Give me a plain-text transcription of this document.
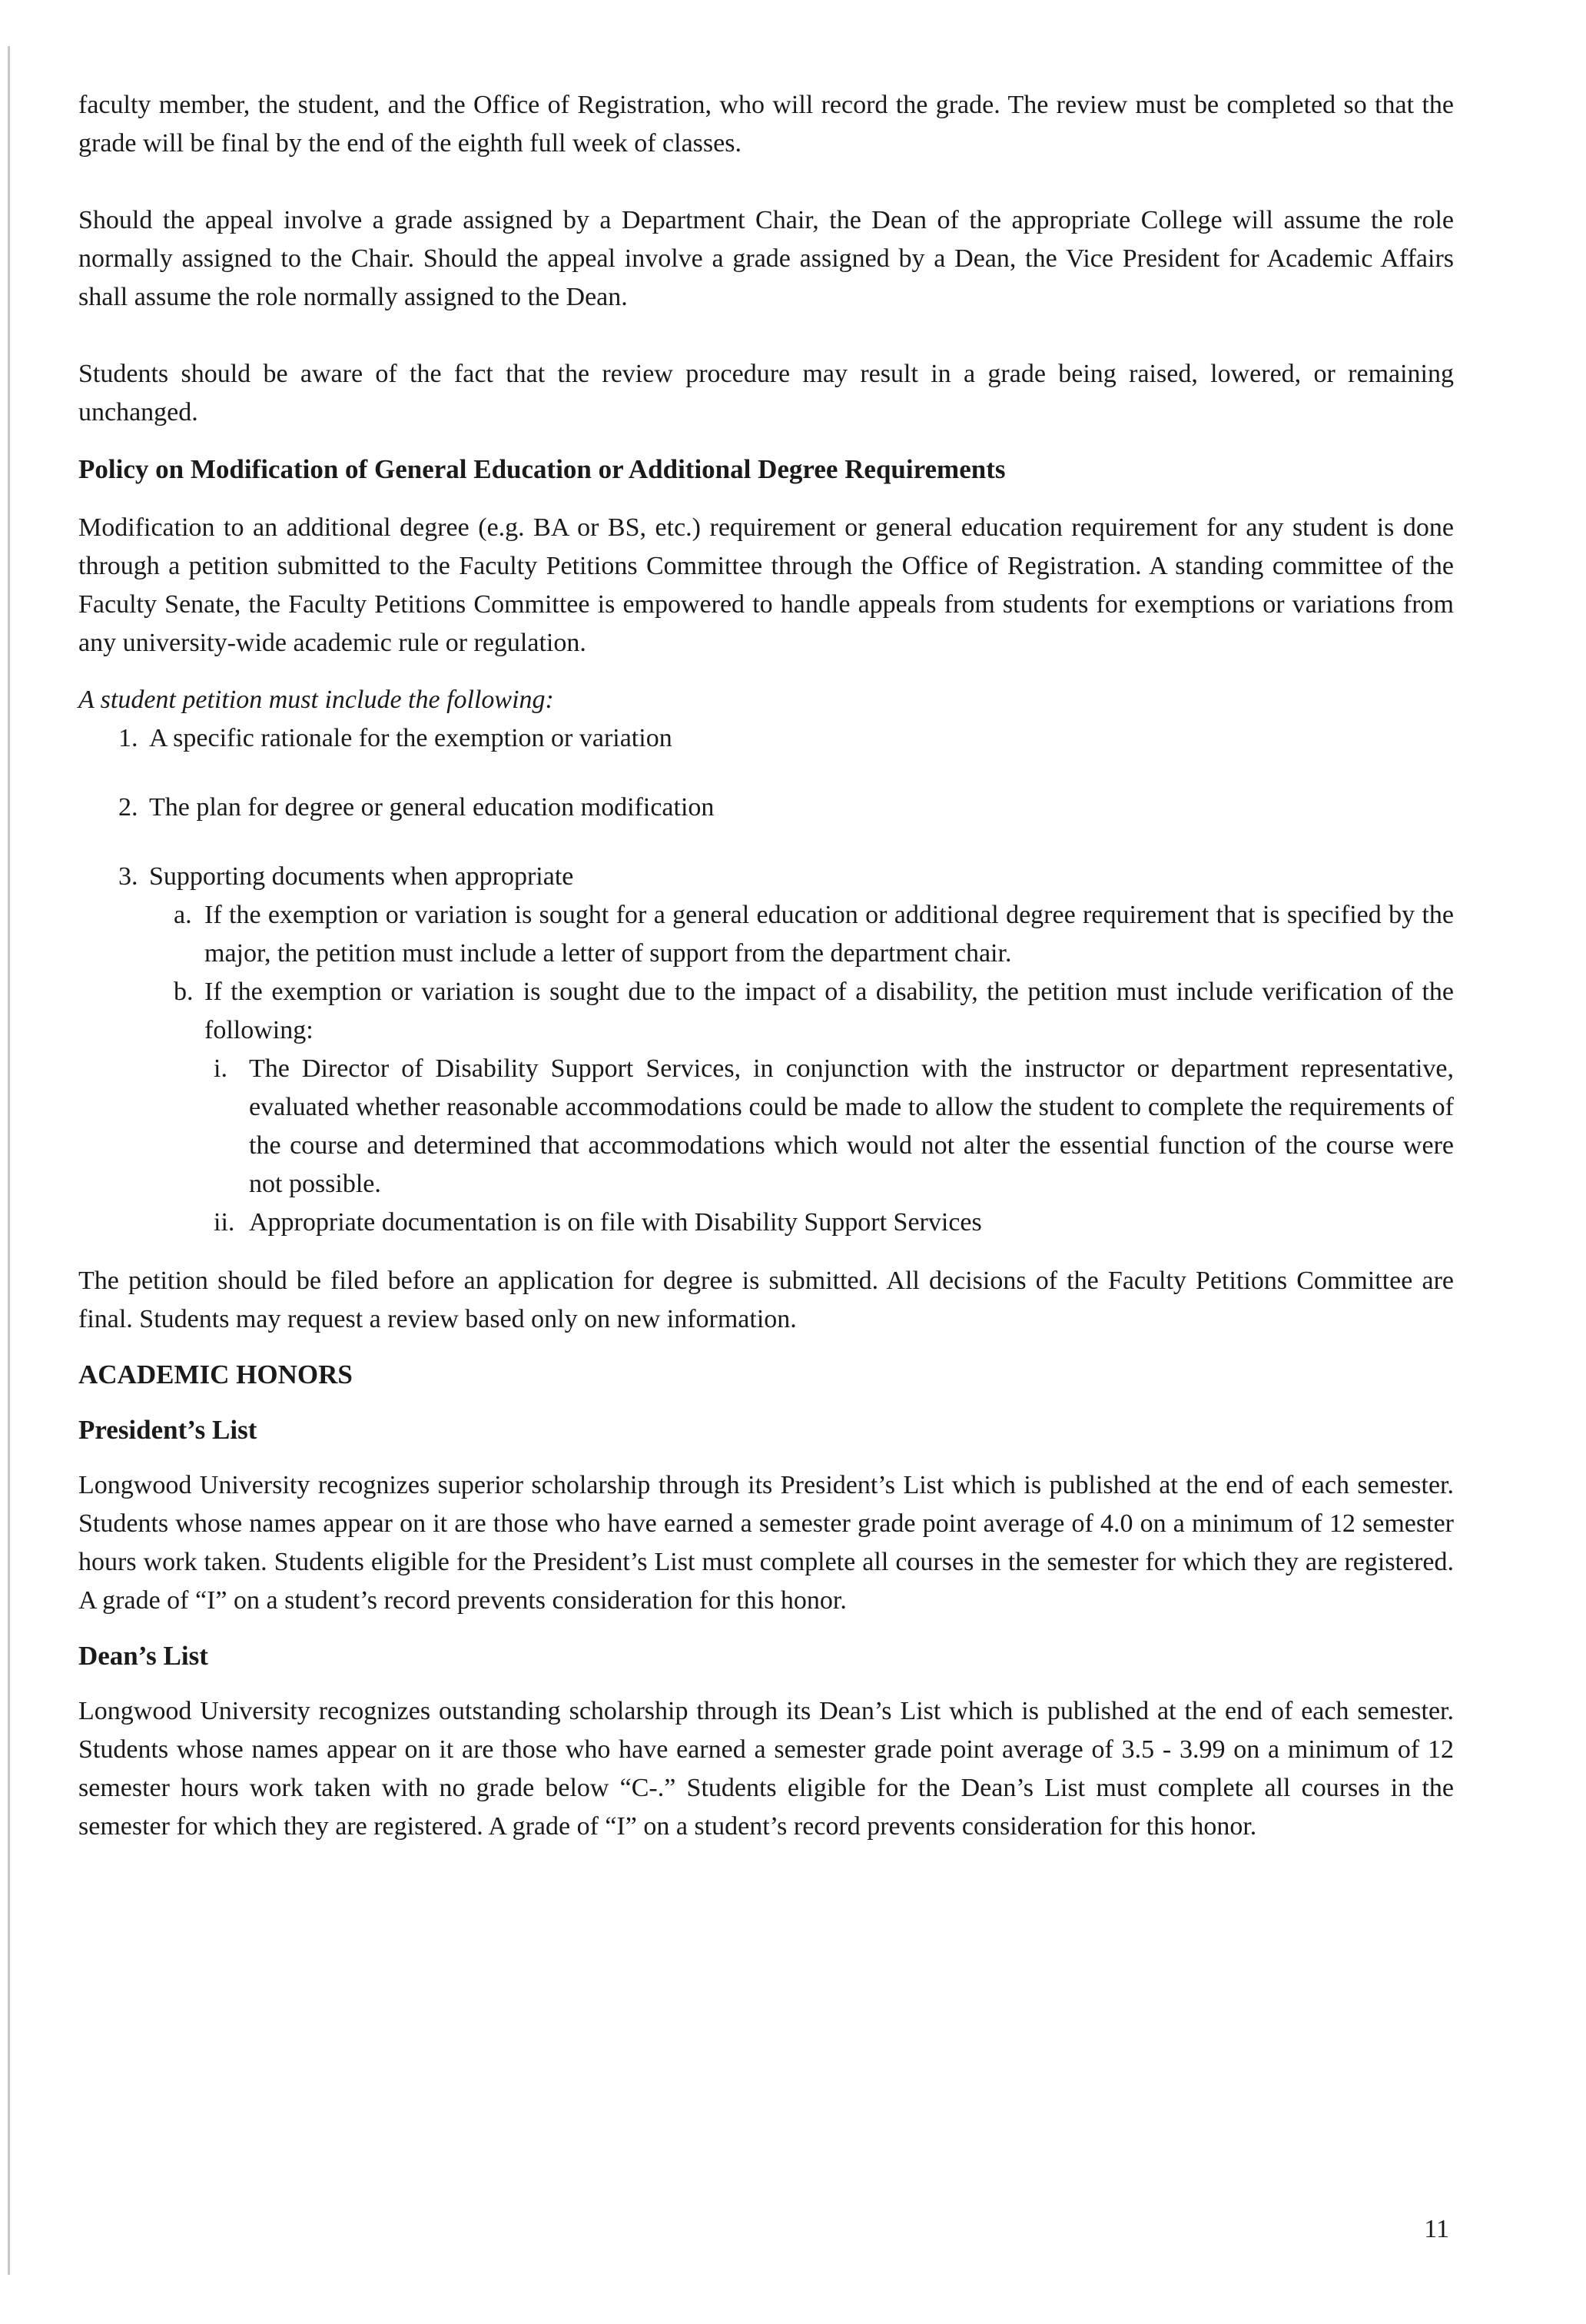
faculty member, the student, and the Office of Registration, who will record the grade. The review must be completed so that the grade will be final by the end of the eighth full week of classes.

Should the appeal involve a grade assigned by a Department Chair, the Dean of the appropriate College will assume the role normally assigned to the Chair. Should the appeal involve a grade assigned by a Dean, the Vice President for Academic Affairs shall assume the role normally assigned to the Dean.

Students should be aware of the fact that the review procedure may result in a grade being raised, lowered, or remaining unchanged.

Policy on Modification of General Education or Additional Degree Requirements

Modification to an additional degree (e.g. BA or BS, etc.) requirement or general education requirement for any student is done through a petition submitted to the Faculty Petitions Committee through the Office of Registration. A standing committee of the Faculty Senate, the Faculty Petitions Committee is empowered to handle appeals from students for exemptions or variations from any university-wide academic rule or regulation.

A student petition must include the following:

1. A specific rationale for the exemption or variation
2. The plan for degree or general education modification
3. Supporting documents when appropriate
a. If the exemption or variation is sought for a general education or additional degree requirement that is specified by the major, the petition must include a letter of support from the department chair.
b. If the exemption or variation is sought due to the impact of a disability, the petition must include verification of the following:
i. The Director of Disability Support Services, in conjunction with the instructor or department representative, evaluated whether reasonable accommodations could be made to allow the student to complete the requirements of the course and determined that accommodations which would not alter the essential function of the course were not possible.
ii. Appropriate documentation is on file with Disability Support Services

The petition should be filed before an application for degree is submitted. All decisions of the Faculty Petitions Committee are final. Students may request a review based only on new information.

ACADEMIC HONORS
President’s List

Longwood University recognizes superior scholarship through its President’s List which is published at the end of each semester. Students whose names appear on it are those who have earned a semester grade point average of 4.0 on a minimum of 12 semester hours work taken. Students eligible for the President’s List must complete all courses in the semester for which they are registered. A grade of “I” on a student’s record prevents consideration for this honor.

Dean’s List

Longwood University recognizes outstanding scholarship through its Dean’s List which is published at the end of each semester. Students whose names appear on it are those who have earned a semester grade point average of 3.5 - 3.99 on a minimum of 12 semester hours work taken with no grade below “C-.” Students eligible for the Dean’s List must complete all courses in the semester for which they are registered. A grade of “I” on a student’s record prevents consideration for this honor.

11
